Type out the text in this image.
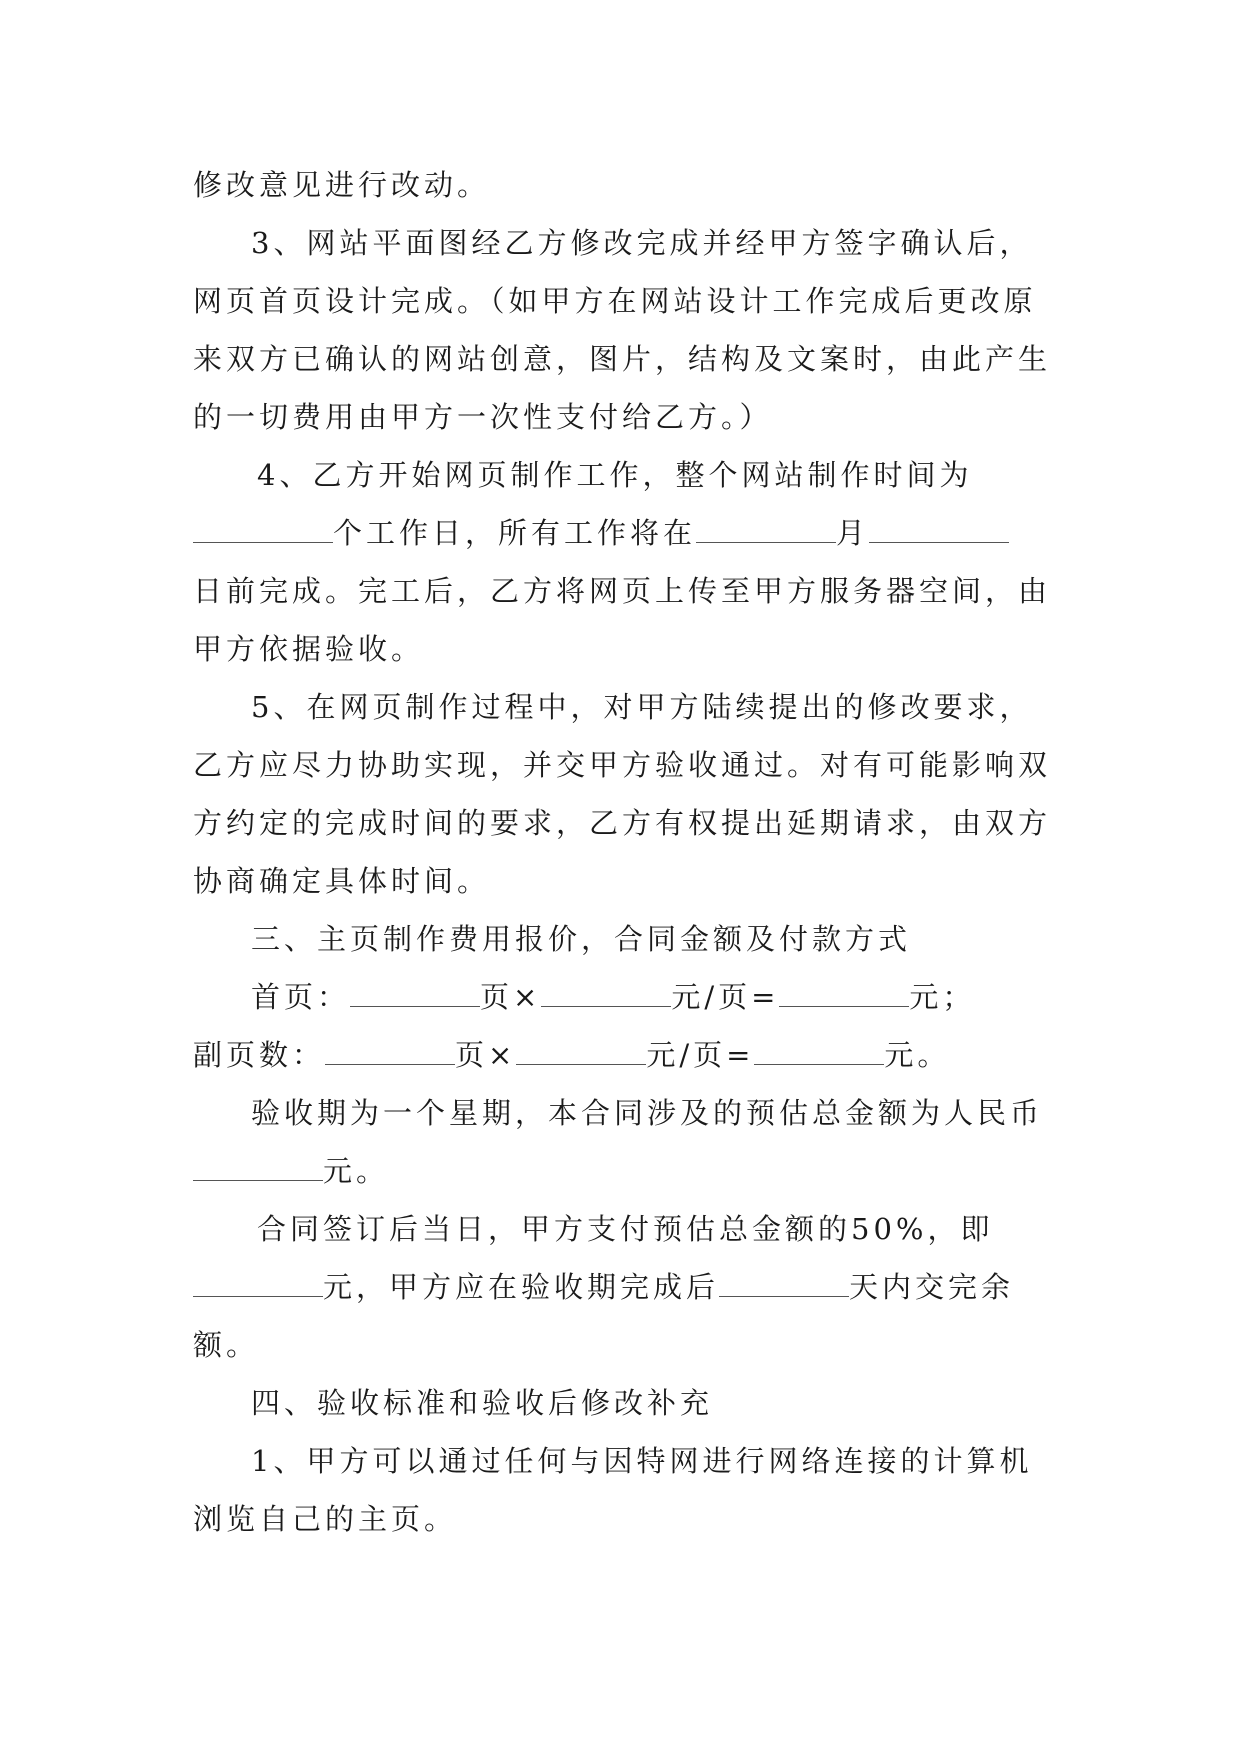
修改意见进行改动。
3、网站平面图经乙方修改完成并经甲方签字确认后，
网页首页设计完成。（如甲方在网站设计工作完成后更改原
来双方已确认的网站创意，图片，结构及文案时，由此产生
的一切费用由甲方一次性支付给乙方。）
4、乙方开始网页制作工作，整个网站制作时间为
个工作日，所有工作将在	月
日前完成。完工后，乙方将网页上传至甲方服务器空间，由
甲方依据验收。
5、在网页制作过程中，对甲方陆续提出的修改要求，
乙方应尽力协助实现，并交甲方验收通过。对有可能影响双
方约定的完成时间的要求，乙方有权提出延期请求，由双方
协商确定具体时间。
三、主页制作费用报价，合同金额及付款方式
首页：	页×	元/页=	元；
副页数：	页×	元/页=	元。
验收期为一个星期，本合同涉及的预估总金额为人民币
元。
合同签订后当日，甲方支付预估总金额的50%，即
元，甲方应在验收期完成后	天内交完余
额。
四、验收标准和验收后修改补充
1、甲方可以通过任何与因特网进行网络连接的计算机
浏览自己的主页。
